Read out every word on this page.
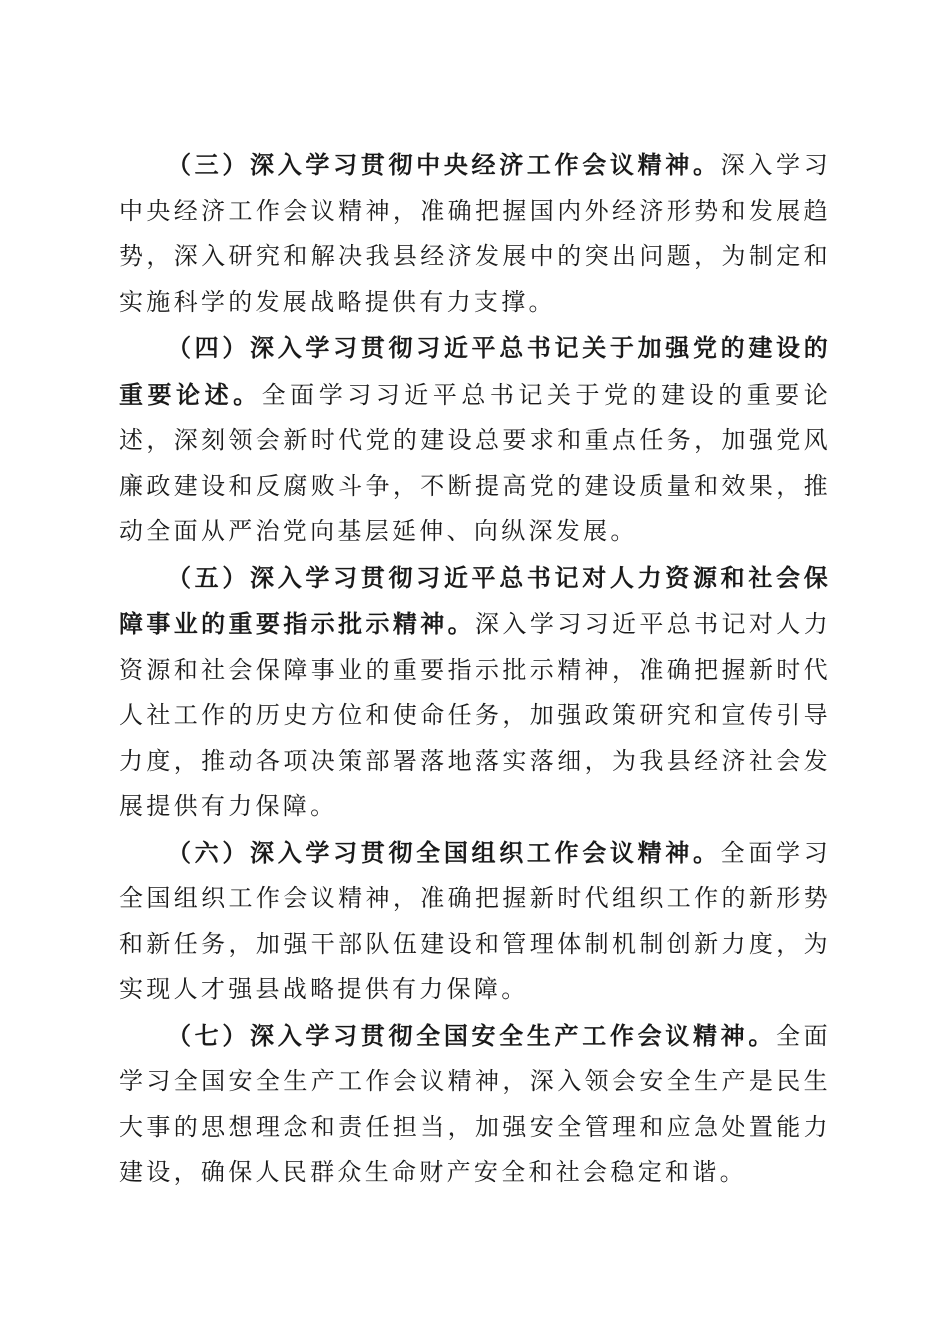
（三）深入学习贯彻中央经济工作会议精神。深入学习中央经济工作会议精神，准确把握国内外经济形势和发展趋势，深入研究和解决我县经济发展中的突出问题，为制定和实施科学的发展战略提供有力支撑。

（四）深入学习贯彻习近平总书记关于加强党的建设的重要论述。全面学习习近平总书记关于党的建设的重要论述，深刻领会新时代党的建设总要求和重点任务，加强党风廉政建设和反腐败斗争，不断提高党的建设质量和效果，推动全面从严治党向基层延伸、向纵深发展。

（五）深入学习贯彻习近平总书记对人力资源和社会保障事业的重要指示批示精神。深入学习习近平总书记对人力资源和社会保障事业的重要指示批示精神，准确把握新时代人社工作的历史方位和使命任务，加强政策研究和宣传引导力度，推动各项决策部署落地落实落细，为我县经济社会发展提供有力保障。

（六）深入学习贯彻全国组织工作会议精神。全面学习全国组织工作会议精神，准确把握新时代组织工作的新形势和新任务，加强干部队伍建设和管理体制机制创新力度，为实现人才强县战略提供有力保障。

（七）深入学习贯彻全国安全生产工作会议精神。全面学习全国安全生产工作会议精神，深入领会安全生产是民生大事的思想理念和责任担当，加强安全管理和应急处置能力建设，确保人民群众生命财产安全和社会稳定和谐。
